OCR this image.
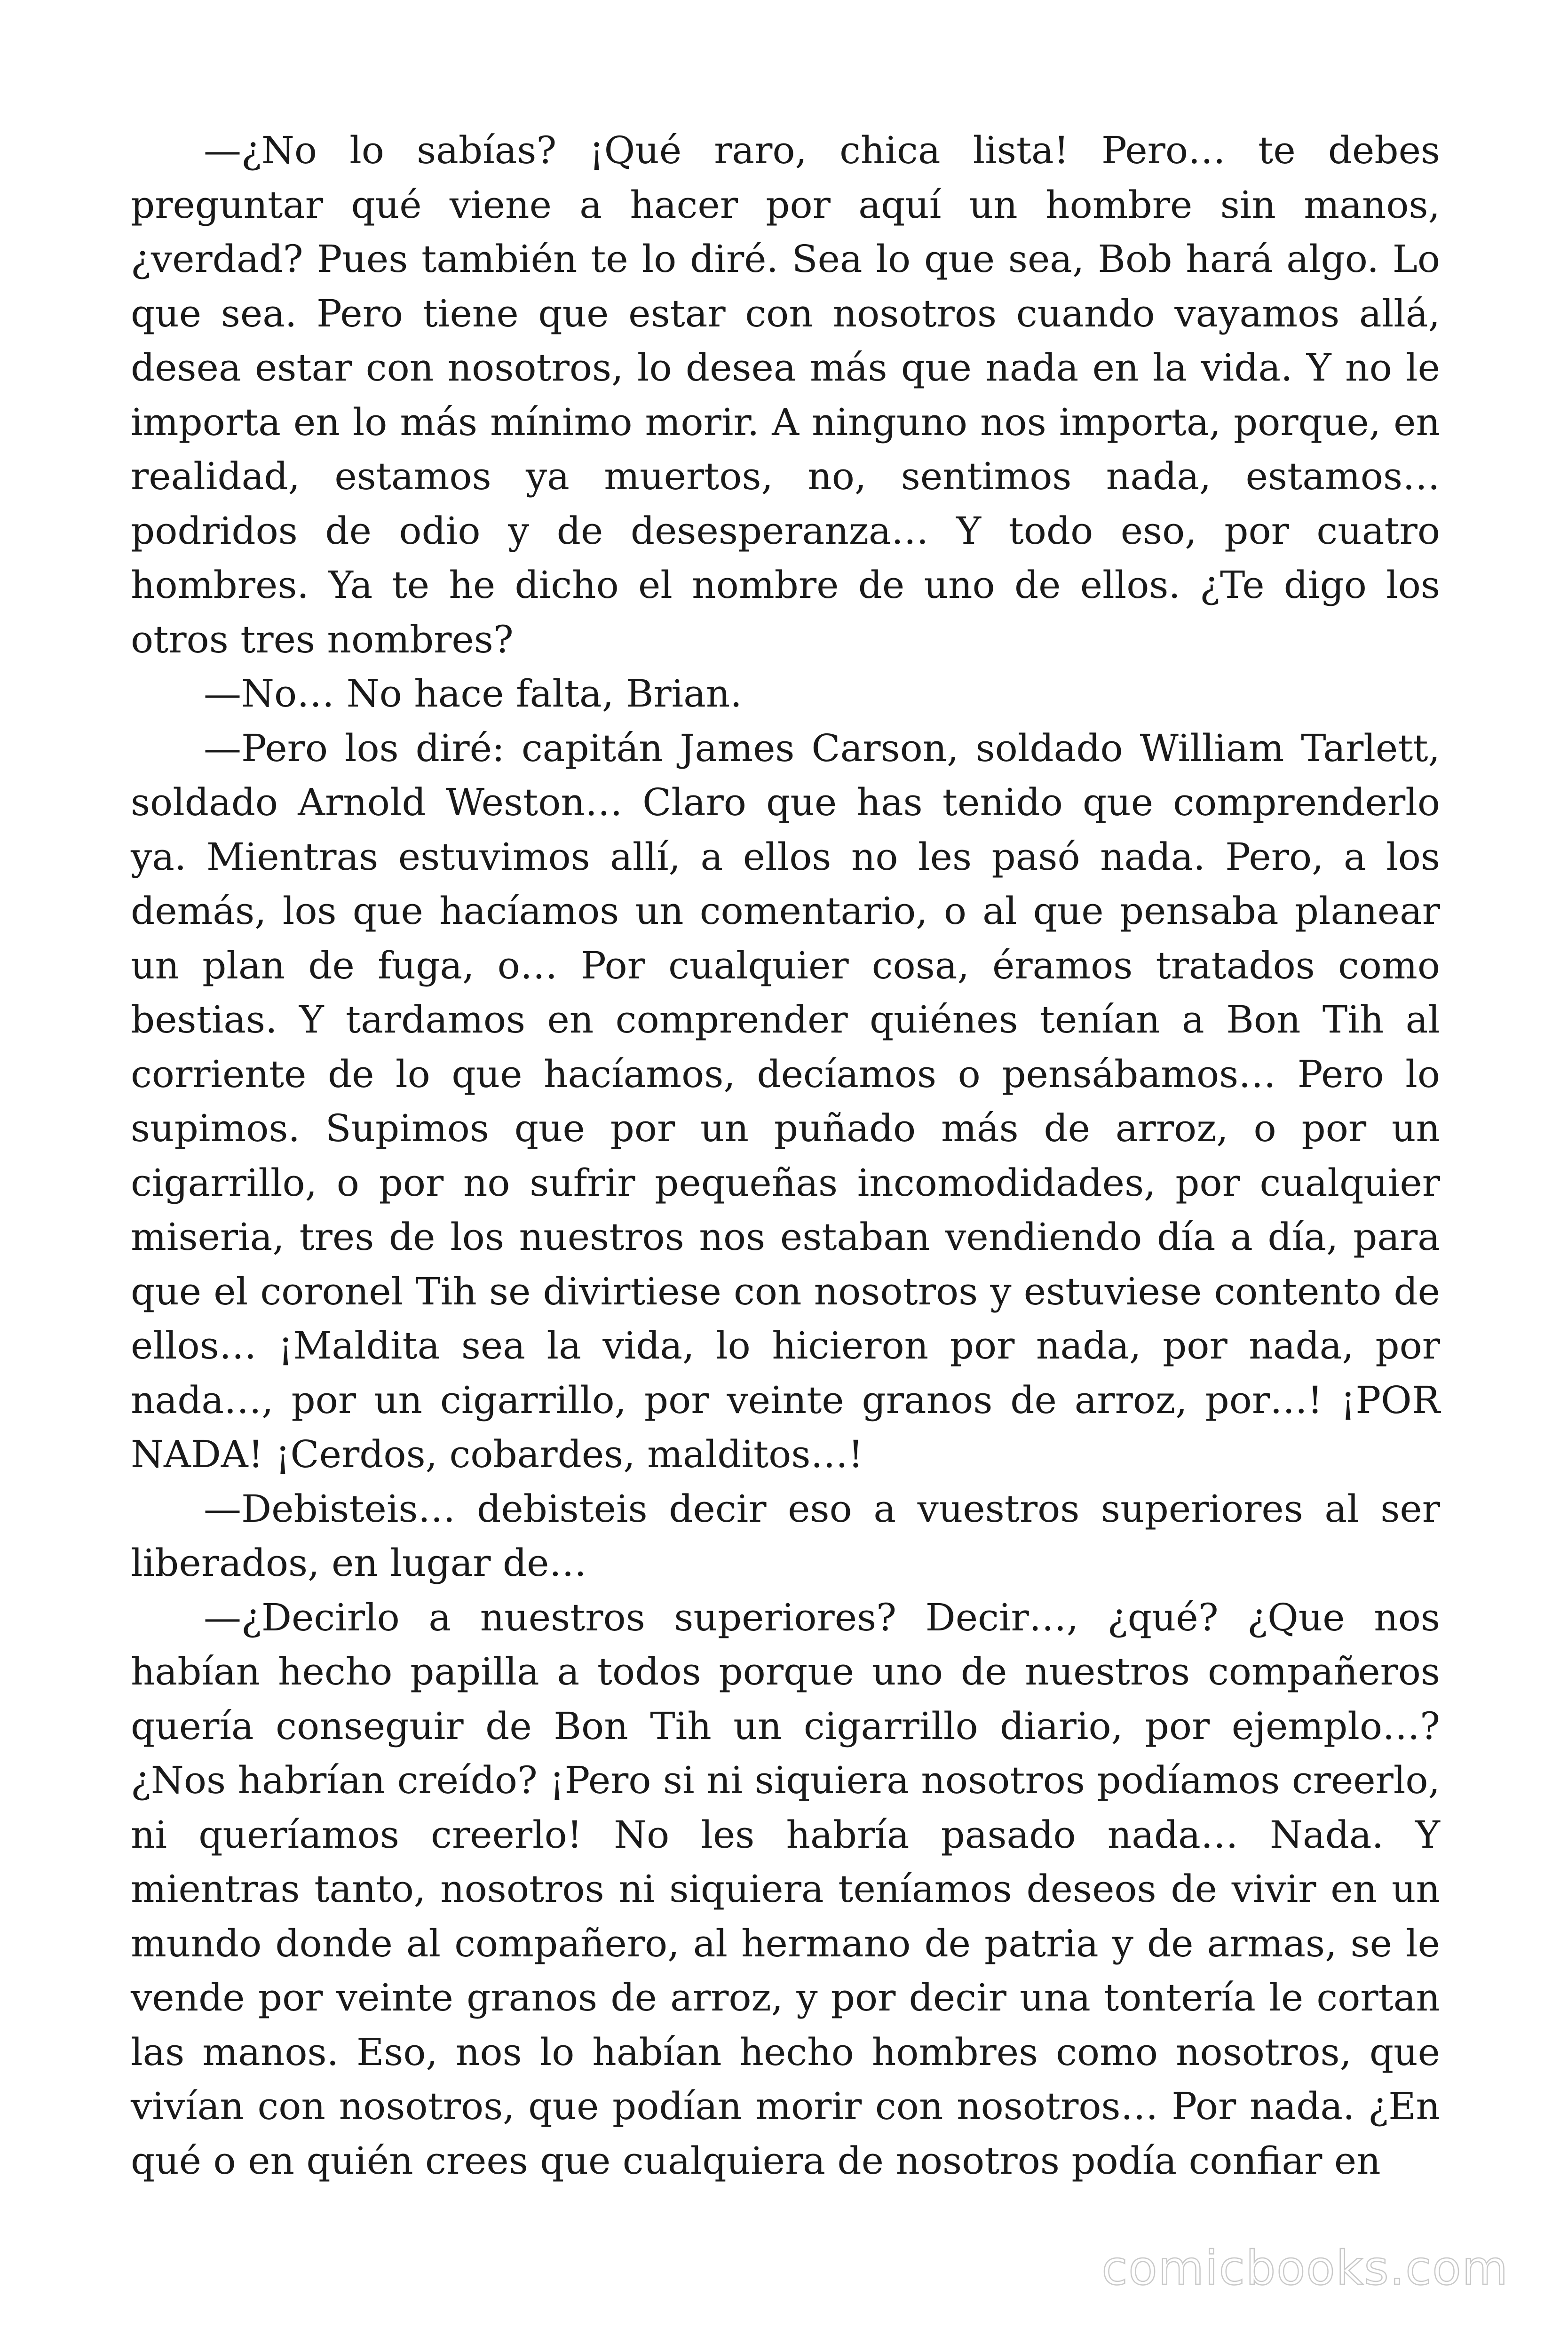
—¿No lo sabías? ¡Qué raro, chica lista! Pero… te debes preguntar qué viene a hacer por aquí un hombre sin manos, ¿verdad? Pues también te lo diré. Sea lo que sea, Bob hará algo. Lo que sea. Pero tiene que estar con nosotros cuando vayamos allá, desea estar con nosotros, lo desea más que nada en la vida. Y no le importa en lo más mínimo morir. A ninguno nos importa, porque, en realidad, estamos ya muertos, no, sentimos nada, estamos… podridos de odio y de desesperanza… Y todo eso, por cuatro hombres. Ya te he dicho el nombre de uno de ellos. ¿Te digo los otros tres nombres?

—No… No hace falta, Brian.

—Pero los diré: capitán James Carson, soldado William Tarlett, soldado Arnold Weston… Claro que has tenido que comprenderlo ya. Mientras estuvimos allí, a ellos no les pasó nada. Pero, a los demás, los que hacíamos un comentario, o al que pensaba planear un plan de fuga, o… Por cualquier cosa, éramos tratados como bestias. Y tardamos en comprender quiénes tenían a Bon Tih al corriente de lo que hacíamos, decíamos o pensábamos… Pero lo supimos. Supimos que por un puñado más de arroz, o por un cigarrillo, o por no sufrir pequeñas incomodidades, por cualquier miseria, tres de los nuestros nos estaban vendiendo día a día, para que el coronel Tih se divirtiese con nosotros y estuviese contento de ellos… ¡Maldita sea la vida, lo hicieron por nada, por nada, por nada…, por un cigarrillo, por veinte granos de arroz, por…! ¡POR NADA! ¡Cerdos, cobardes, malditos…!

—Debisteis… debisteis decir eso a vuestros superiores al ser liberados, en lugar de…

—¿Decirlo a nuestros superiores? Decir…, ¿qué? ¿Que nos habían hecho papilla a todos porque uno de nuestros compañeros quería conseguir de Bon Tih un cigarrillo diario, por ejemplo…? ¿Nos habrían creído? ¡Pero si ni siquiera nosotros podíamos creerlo, ni queríamos creerlo! No les habría pasado nada… Nada. Y mientras tanto, nosotros ni siquiera teníamos deseos de vivir en un mundo donde al compañero, al hermano de patria y de armas, se le vende por veinte granos de arroz, y por decir una tontería le cortan las manos. Eso, nos lo habían hecho hombres como nosotros, que vivían con nosotros, que podían morir con nosotros… Por nada. ¿En qué o en quién crees que cualquiera de nosotros podía confiar en

comicbooks.com
